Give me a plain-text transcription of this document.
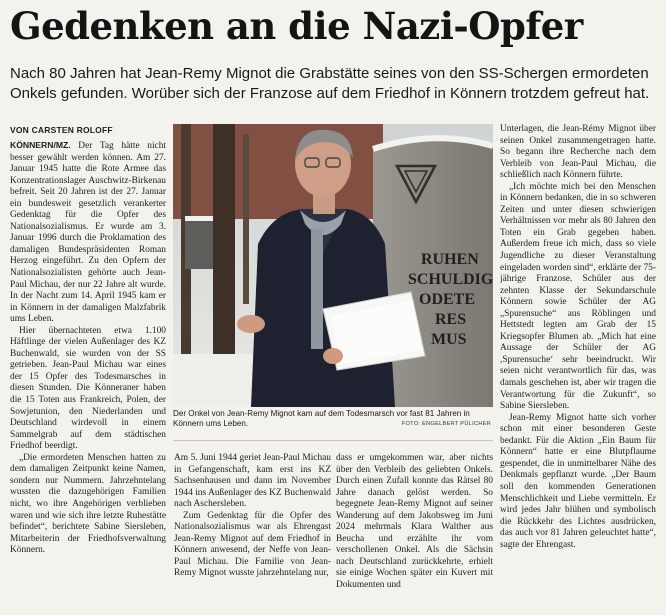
Gedenken an die Nazi-Opfer
Nach 80 Jahren hat Jean-Remy Mignot die Grabstätte seines von den SS-Schergen ermordeten Onkels gefunden. Worüber sich der Franzose auf dem Friedhof in Könnern trotzdem gefreut hat.
VON CARSTEN ROLOFF

KÖNNERN/MZ. Der Tag hätte nicht besser gewählt werden können. Am 27. Januar 1945 hatte die Rote Armee das Konzentrationslager Auschwitz-Birkenau befreit. Seit 20 Jahren ist der 27. Januar ein bundesweit gesetzlich verankerter Gedenktag für die Opfer des Nationalsozialismus. Er wurde am 3. Januar 1996 durch die Proklamation des damaligen Bundespräsidenten Roman Herzog eingeführt. Zu den Opfern der Nationalsozialisten gehörte auch Jean-Paul Michau, der nur 22 Jahre alt wurde. In der Nacht zum 14. April 1945 kam er in Könnern in der damaligen Malzfabrik ums Leben.

Hier übernachteten etwa 1.100 Häftlinge der vielen Außenlager des KZ Buchenwald, sie wurden von der SS getrieben. Jean-Paul Michau war eines der 15 Opfer des Todesmarsches in diesen Stunden. Die Könneraner haben die 15 Toten aus Frankreich, Polen, der Sowjetunion, den Niederlanden und Deutschland wirdevoll in einem Sammelgrab auf dem städtischen Friedhof beerdigt.

„Die ermordeten Menschen hatten zu dem damaligen Zeitpunkt keine Namen, sondern nur Nummern. Jahrzehntelang wussten die dazugehörigen Familien nicht, wo ihre Angehörigen verblieben waren und wie sich ihre letzte Ruhestätte befindet“, berichtete Sabine Siersleben, Mitarbeiterin der Friedhofsverwaltung Könnern.

RUHEN
SCHULDIG
ODETE
RES
MUS
Der Onkel von Jean-Remy Mignot kam auf dem Todesmarsch vor fast 81 Jahren in Könnern ums Leben.	FOTO: ENGELBERT PÜLICHER

Am 5. Juni 1944 geriet Jean-Paul Michau in Gefangenschaft, kam erst ins KZ Sachsenhausen und dann im November 1944 ins Außenlager des KZ Buchenwald nach Aschersleben.

Zum Gedenktag für die Opfer des Nationalsozialismus war als Ehrengast Jean-Remy Mignot auf dem Friedhof in Könnern anwesend, der Neffe von Jean-Paul Michau. Die Familie von Jean-Remy Mignot wusste jahrzehntelang nur,

dass er umgekommen war, aber nichts über den Verbleib des geliebten Onkels. Durch einen Zufall konnte das Rätsel 80 Jahre danach gelöst werden. So begegnete Jean-Remy Mignot auf seiner Wanderung auf dem Jakobsweg im Juni 2024 mehrmals Klara Walther aus Beucha und erzählte ihr vom verschollenen Onkel. Als die Sächsin nach Deutschland zurückkehrte, erhielt sie einige Wochen später ein Kuvert mit Dokumenten und

Unterlagen, die Jean-Rémy Mignot über seinen Onkel zusammengetragen hatte. So begann ihre Recherche nach dem Verbleib von Jean-Paul Michau, die schließlich nach Könnern führte.

„Ich möchte mich bei den Menschen in Könnern bedanken, die in so schweren Zeiten und unter diesen schwierigen Verhältnissen vor mehr als 80 Jahren den Toten ein Grab gegeben haben. Außerdem freue ich mich, dass so viele Jugendliche zu dieser Veranstaltung eingeladen worden sind“, erklärte der 75-jährige Franzose. Schüler aus der zehnten Klasse der Sekundarschule Könnern sowie Schüler der AG „Spurensuche“ aus Röblingen und Hettstedt legten am Grab der 15 Kriegsopfer Blumen ab. „Mich hat eine Aussage der Schüler der AG ,Spurensuche‘ sehr beeindruckt. Wir seien nicht verantwortlich für das, was damals geschehen ist, aber wir tragen die Verantwortung für die Zukunft“, so Sabine Siersleben.

Jean-Remy Mignot hatte sich vorher schon mit einer besonderen Geste bedankt. Für die Aktion „Ein Baum für Könnern“ hatte er eine Blutpflaume gespendet, die in unmittelbarer Nähe des Denkmals gepflanzt wurde. „Der Baum soll den kommenden Generationen Menschlichkeit und Liebe vermitteln. Er wird jedes Jahr blühen und symbolisch die Rückkehr des Lichtes ausdrücken, das auch vor 81 Jahren geleuchtet hatte“, sagte der Ehrengast.
